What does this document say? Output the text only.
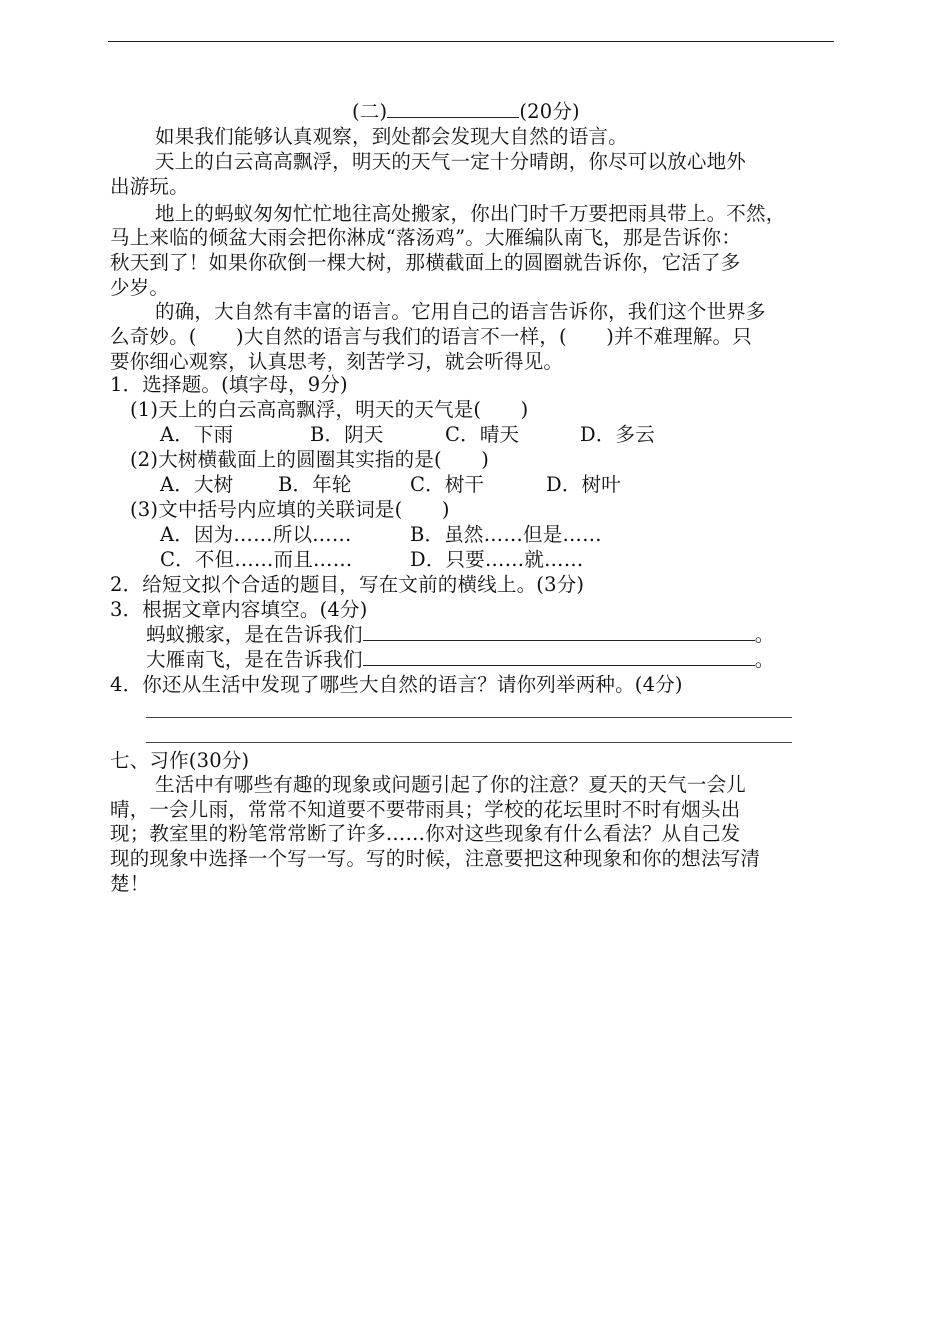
(二)	(20分)
如果我们能够认真观察，到处都会发现大自然的语言。
天上的白云高高飘浮，明天的天气一定十分晴朗，你尽可以放心地外
出游玩。
地上的蚂蚁匆匆忙忙地往高处搬家，你出门时千万要把雨具带上。不然，
马上来临的倾盆大雨会把你淋成“落汤鸡”。大雁编队南飞，那是告诉你：
秋天到了！如果你砍倒一棵大树，那横截面上的圆圈就告诉你，它活了多
少岁。
的确，大自然有丰富的语言。它用自己的语言告诉你，我们这个世界多
么奇妙。(　　)大自然的语言与我们的语言不一样，(　　)并不难理解。只
要你细心观察，认真思考，刻苦学习，就会听得见。
1．选择题。(填字母，9分)
(1)天上的白云高高飘浮，明天的天气是(　　)
A．下雨	B．阴天	C．晴天	D．多云
(2)大树横截面上的圆圈其实指的是(　　)
A．大树 B．年轮	C．树干	D．树叶
(3)文中括号内应填的关联词是(　　)
A．因为……所以……	B．虽然……但是……
C．不但……而且……	D．只要……就……
2．给短文拟个合适的题目，写在文前的横线上。(3分)
3．根据文章内容填空。(4分)
蚂蚁搬家，是在告诉我们	。
大雁南飞，是在告诉我们	。
4．你还从生活中发现了哪些大自然的语言？请你列举两种。(4分)
七、习作(30分)
生活中有哪些有趣的现象或问题引起了你的注意？夏天的天气一会儿
晴，一会儿雨，常常不知道要不要带雨具；学校的花坛里时不时有烟头出
现；教室里的粉笔常常断了许多……你对这些现象有什么看法？从自己发
现的现象中选择一个写一写。写的时候，注意要把这种现象和你的想法写清
楚！
